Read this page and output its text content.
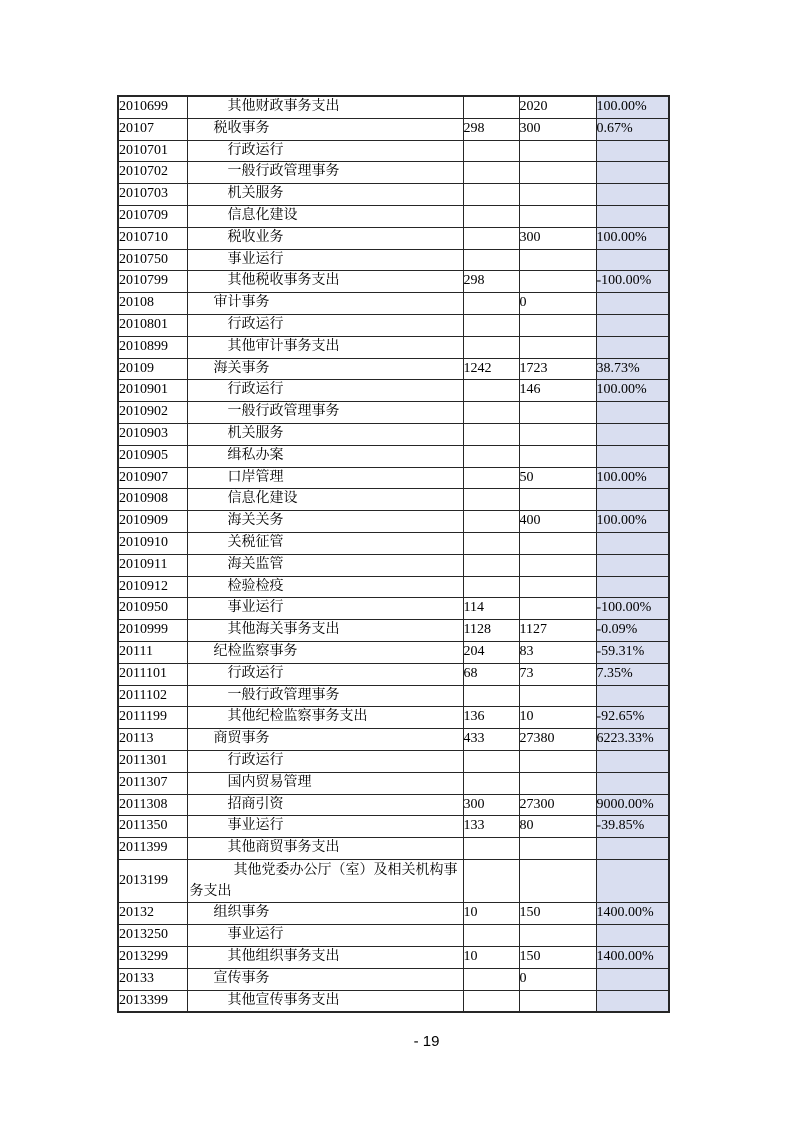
2010699	其他财政事务支出		2020	100.00%
20107	税收事务	298	300	0.67%
2010701	行政运行			
2010702	一般行政管理事务			
2010703	机关服务			
2010709	信息化建设			
2010710	税收业务		300	100.00%
2010750	事业运行			
2010799	其他税收事务支出	298		-100.00%
20108	审计事务		0	
2010801	行政运行			
2010899	其他审计事务支出			
20109	海关事务	1242	1723	38.73%
2010901	行政运行		146	100.00%
2010902	一般行政管理事务			
2010903	机关服务			
2010905	缉私办案			
2010907	口岸管理		50	100.00%
2010908	信息化建设			
2010909	海关关务		400	100.00%
2010910	关税征管			
2010911	海关监管			
2010912	检验检疫			
2010950	事业运行	114		-100.00%
2010999	其他海关事务支出	1128	1127	-0.09%
20111	纪检监察事务	204	83	-59.31%
2011101	行政运行	68	73	7.35%
2011102	一般行政管理事务			
2011199	其他纪检监察事务支出	136	10	-92.65%
20113	商贸事务	433	27380	6223.33%
2011301	行政运行			
2011307	国内贸易管理			
2011308	招商引资	300	27300	9000.00%
2011350	事业运行	133	80	-39.85%
2011399	其他商贸事务支出			
2013199	其他党委办公厅（室）及相关机构事务支出			
20132	组织事务	10	150	1400.00%
2013250	事业运行			
2013299	其他组织事务支出	10	150	1400.00%
20133	宣传事务		0	
2013399	其他宣传事务支出			
- 19
